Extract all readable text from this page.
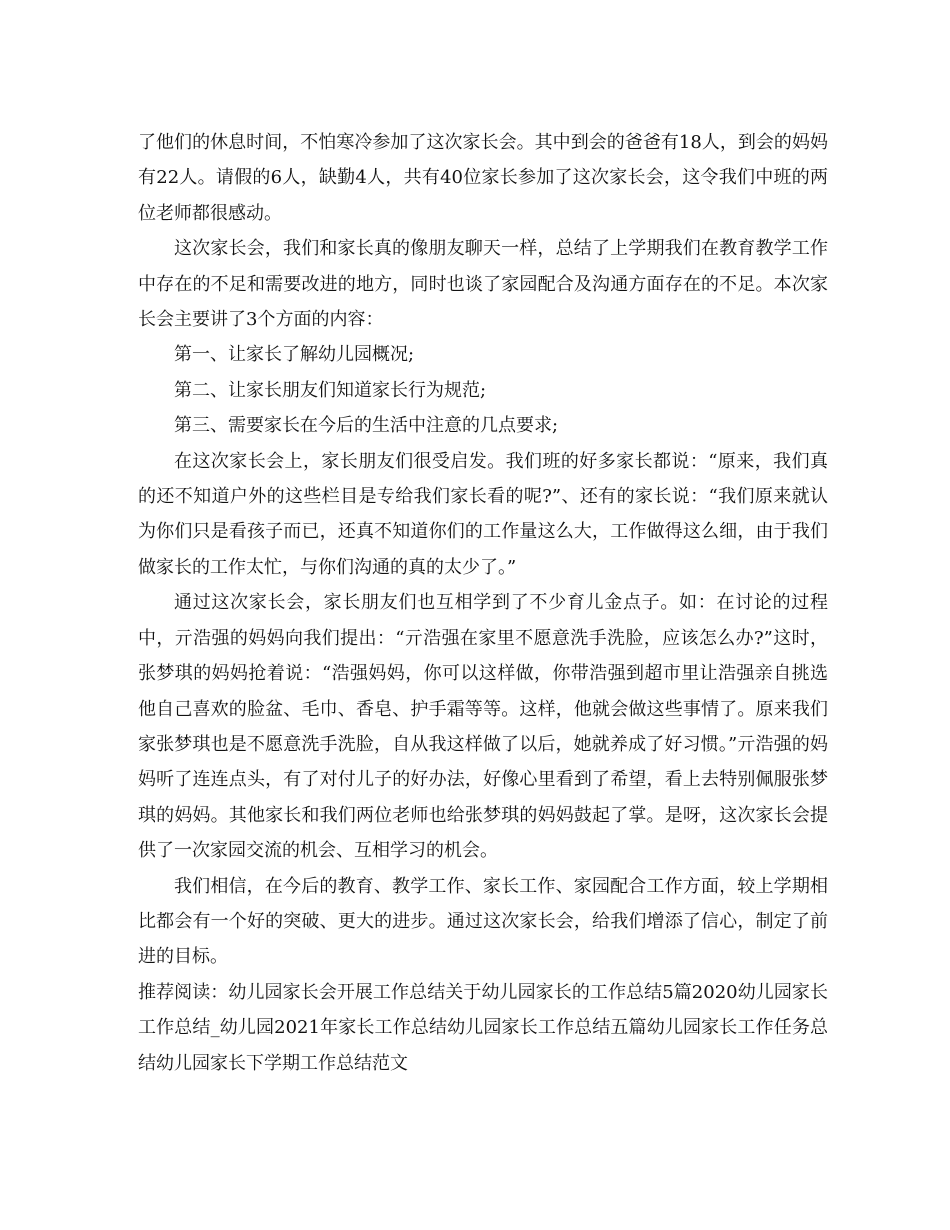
了他们的休息时间，不怕寒冷参加了这次家长会。其中到会的爸爸有18人，到会的妈妈有22人。请假的6人，缺勤4人，共有40位家长参加了这次家长会，这令我们中班的两位老师都很感动。

这次家长会，我们和家长真的像朋友聊天一样，总结了上学期我们在教育教学工作中存在的不足和需要改进的地方，同时也谈了家园配合及沟通方面存在的不足。本次家长会主要讲了3个方面的内容：

第一、让家长了解幼儿园概况;

第二、让家长朋友们知道家长行为规范;

第三、需要家长在今后的生活中注意的几点要求;

在这次家长会上，家长朋友们很受启发。我们班的好多家长都说：“原来，我们真的还不知道户外的这些栏目是专给我们家长看的呢?”、还有的家长说：“我们原来就认为你们只是看孩子而已，还真不知道你们的工作量这么大，工作做得这么细，由于我们做家长的工作太忙，与你们沟通的真的太少了。”

通过这次家长会，家长朋友们也互相学到了不少育儿金点子。如：在讨论的过程中，亓浩强的妈妈向我们提出：“亓浩强在家里不愿意洗手洗脸，应该怎么办?”这时，张梦琪的妈妈抢着说：“浩强妈妈，你可以这样做，你带浩强到超市里让浩强亲自挑选他自己喜欢的脸盆、毛巾、香皂、护手霜等等。这样，他就会做这些事情了。原来我们家张梦琪也是不愿意洗手洗脸，自从我这样做了以后，她就养成了好习惯。”亓浩强的妈妈听了连连点头，有了对付儿子的好办法，好像心里看到了希望，看上去特别佩服张梦琪的妈妈。其他家长和我们两位老师也给张梦琪的妈妈鼓起了掌。是呀，这次家长会提供了一次家园交流的机会、互相学习的机会。

我们相信，在今后的教育、教学工作、家长工作、家园配合工作方面，较上学期相比都会有一个好的突破、更大的进步。通过这次家长会，给我们增添了信心，制定了前进的目标。

推荐阅读：幼儿园家长会开展工作总结关于幼儿园家长的工作总结5篇2020幼儿园家长工作总结_幼儿园2021年家长工作总结幼儿园家长工作总结五篇幼儿园家长工作任务总结幼儿园家长下学期工作总结范文
